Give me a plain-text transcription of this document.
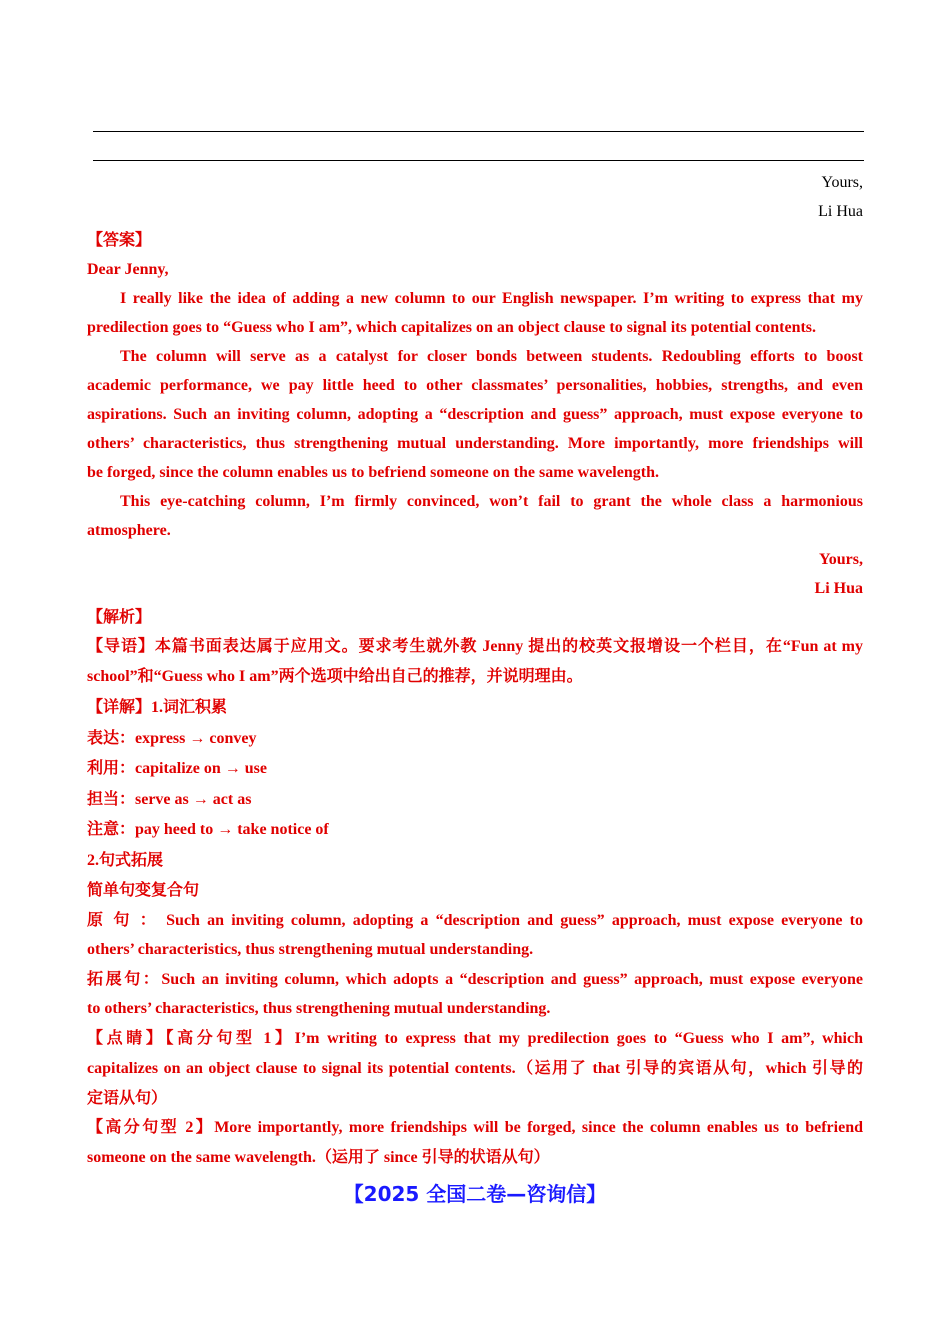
Yours,
Li Hua
【答案】
Dear Jenny,
I really like the idea of adding a new column to our English newspaper. I’m writing to express that my
predilection goes to “Guess who I am”, which capitalizes on an object clause to signal its potential contents.
The column will serve as a catalyst for closer bonds between students. Redoubling efforts to boost
academic performance, we pay little heed to other classmates’ personalities, hobbies, strengths, and even
aspirations. Such an inviting column, adopting a “description and guess” approach, must expose everyone to
others’ characteristics, thus strengthening mutual understanding. More importantly, more friendships will
be forged, since the column enables us to befriend someone on the same wavelength.
This eye-catching column, I’m firmly convinced, won’t fail to grant the whole class a harmonious
atmosphere.
Yours,
Li Hua
【解析】
【导语】本篇书面表达属于应用文。要求考生就外教 Jenny 提出的校英文报增设一个栏目，在“Fun at my
school”和“Guess who I am”两个选项中给出自己的推荐，并说明理由。
【详解】1.词汇积累
表达：express → convey
利用：capitalize on → use
担当：serve as → act as
注意：pay heed to → take notice of
2.句式拓展
简单句变复合句
原 句 ： Such an inviting column, adopting a “description and guess” approach, must expose everyone to
others’ characteristics, thus strengthening mutual understanding.
拓展句：Such an inviting column, which adopts a “description and guess” approach, must expose everyone
to others’ characteristics, thus strengthening mutual understanding.
【点睛】【高分句型 1】I’m writing to express that my predilection goes to “Guess who I am”, which
capitalizes on an object clause to signal its potential contents.（运用了 that 引导的宾语从句，which 引导的
定语从句）
【高分句型 2】More importantly, more friendships will be forged, since the column enables us to befriend
someone on the same wavelength.（运用了 since 引导的状语从句）
【2025 全国二卷—咨询信】
